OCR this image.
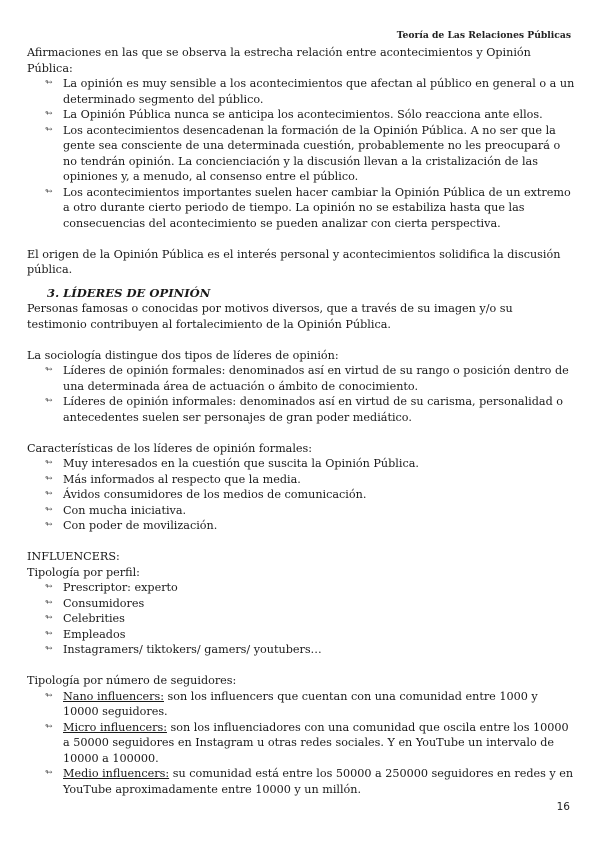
Teoría de Las Relaciones Públicas

Afirmaciones en las que se observa la estrecha relación entre acontecimientos y Opinión Pública:

↬ La opinión es muy sensible a los acontecimientos que afectan al público en general o a un determinado segmento del público.
↬ La Opinión Pública nunca se anticipa los acontecimientos. Sólo reacciona ante ellos.
↬ Los acontecimientos desencadenan la formación de la Opinión Pública. A no ser que la gente sea consciente de una determinada cuestión, probablemente no les preocupará o no tendrán opinión. La concienciación y la discusión llevan a la cristalización de las opiniones y, a menudo, al consenso entre el público.
↬ Los acontecimientos importantes suelen hacer cambiar la Opinión Pública de un extremo a otro durante cierto periodo de tiempo. La opinión no se estabiliza hasta que las consecuencias del acontecimiento se pueden analizar con cierta perspectiva.

El origen de la Opinión Pública es el interés personal y acontecimientos solidifica la discusión pública.

3. LÍDERES DE OPINIÓN

Personas famosas o conocidas por motivos diversos, que a través de su imagen y/o su testimonio contribuyen al fortalecimiento de la Opinión Pública.

La sociología distingue dos tipos de líderes de opinión:

↬ Líderes de opinión formales: denominados así en virtud de su rango o posición dentro de una determinada área de actuación o ámbito de conocimiento.
↬ Líderes de opinión informales: denominados así en virtud de su carisma, personalidad o antecedentes suelen ser personajes de gran poder mediático.

Características de los líderes de opinión formales:

↬ Muy interesados en la cuestión que suscita la Opinión Pública.
↬ Más informados al respecto que la media.
↬ Ávidos consumidores de los medios de comunicación.
↬ Con mucha iniciativa.
↬ Con poder de movilización.

INFLUENCERS:

Tipología por perfil:

↬ Prescriptor: experto
↬ Consumidores
↬ Celebrities
↬ Empleados
↬ Instagramers/ tiktokers/ gamers/ youtubers…

Tipología por número de seguidores:

↬ Nano influencers: son los influencers que cuentan con una comunidad entre 1000 y 10000 seguidores.
↬ Micro influencers: son los influenciadores con una comunidad que oscila entre los 10000 a 50000 seguidores en Instagram u otras redes sociales. Y en YouTube un intervalo de 10000 a 100000.
↬ Medio influencers: su comunidad está entre los 50000 a 250000 seguidores en redes y en YouTube aproximadamente entre 10000 y un millón.
16
